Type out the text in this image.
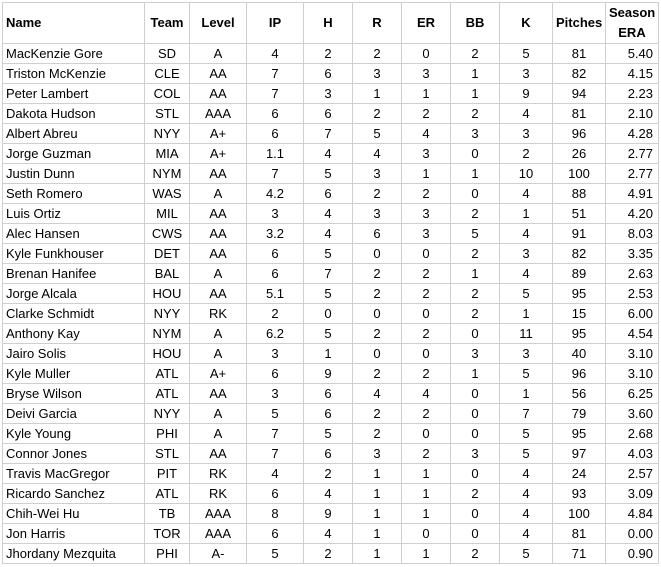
Name	Team	Level	IP	H	R	ER	BB	K	Pitches	Season
ERA

MacKenzie Gore	SD	A	4	2	2	0	2	5	81	5.40
Triston McKenzie	CLE	AA	7	6	3	3	1	3	82	4.15
Peter Lambert	COL	AA	7	3	1	1	1	9	94	2.23
Dakota Hudson	STL	AAA	6	6	2	2	2	4	81	2.10
Albert Abreu	NYY	A+	6	7	5	4	3	3	96	4.28
Jorge Guzman	MIA	A+	1.1	4	4	3	0	2	26	2.77
Justin Dunn	NYM	AA	7	5	3	1	1	10	100	2.77
Seth Romero	WAS	A	4.2	6	2	2	0	4	88	4.91
Luis Ortiz	MIL	AA	3	4	3	3	2	1	51	4.20
Alec Hansen	CWS	AA	3.2	4	6	3	5	4	91	8.03
Kyle Funkhouser	DET	AA	6	5	0	0	2	3	82	3.35
Brenan Hanifee	BAL	A	6	7	2	2	1	4	89	2.63
Jorge Alcala	HOU	AA	5.1	5	2	2	2	5	95	2.53
Clarke Schmidt	NYY	RK	2	0	0	0	2	1	15	6.00
Anthony Kay	NYM	A	6.2	5	2	2	0	11	95	4.54
Jairo Solis	HOU	A	3	1	0	0	3	3	40	3.10
Kyle Muller	ATL	A+	6	9	2	2	1	5	96	3.10
Bryse Wilson	ATL	AA	3	6	4	4	0	1	56	6.25
Deivi Garcia	NYY	A	5	6	2	2	0	7	79	3.60
Kyle Young	PHI	A	7	5	2	0	0	5	95	2.68
Connor Jones	STL	AA	7	6	3	2	3	5	97	4.03
Travis MacGregor	PIT	RK	4	2	1	1	0	4	24	2.57
Ricardo Sanchez	ATL	RK	6	4	1	1	2	4	93	3.09
Chih-Wei Hu	TB	AAA	8	9	1	1	0	4	100	4.84
Jon Harris	TOR	AAA	6	4	1	0	0	4	81	0.00
Jhordany Mezquita	PHI	A-	5	2	1	1	2	5	71	0.90
